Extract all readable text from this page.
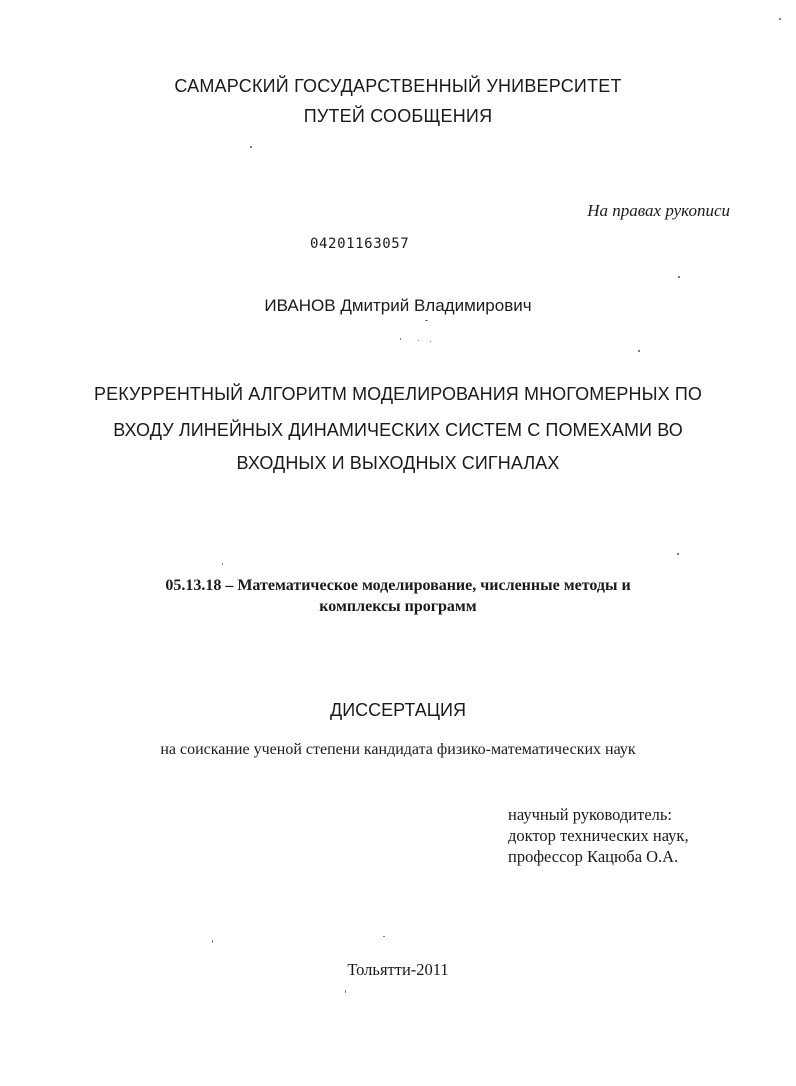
САМАРСКИЙ ГОСУДАРСТВЕННЫЙ УНИВЕРСИТЕТ
ПУТЕЙ СООБЩЕНИЯ
На правах рукописи
04201163057
ИВАНОВ Дмитрий Владимирович
РЕКУРРЕНТНЫЙ АЛГОРИТМ МОДЕЛИРОВАНИЯ МНОГОМЕРНЫХ ПО
ВХОДУ ЛИНЕЙНЫХ ДИНАМИЧЕСКИХ СИСТЕМ С ПОМЕХАМИ ВО
ВХОДНЫХ И ВЫХОДНЫХ СИГНАЛАХ
05.13.18 – Математическое моделирование, численные методы и
комплексы программ
ДИССЕРТАЦИЯ
на соискание ученой степени кандидата физико-математических наук
научный руководитель:
доктор технических наук,
профессор Кацюба О.А.
Тольятти-2011
